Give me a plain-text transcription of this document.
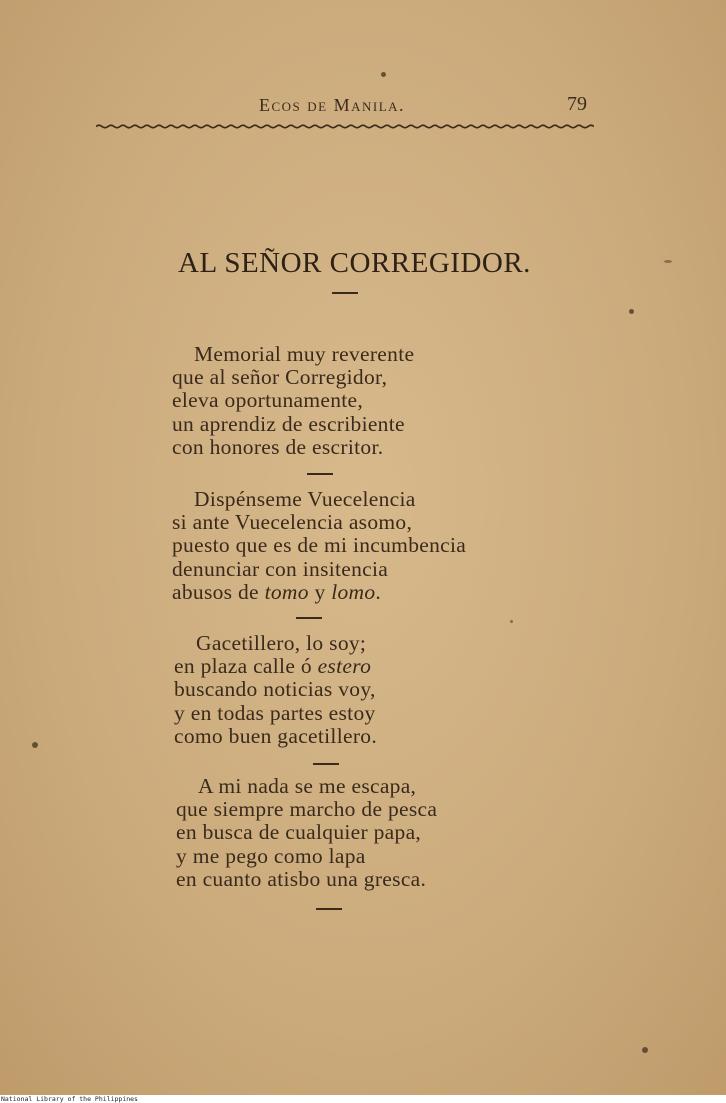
Ecos de Manila.	79
AL SEÑOR CORREGIDOR.
Memorial muy reverente
que al señor Corregidor,
eleva oportunamente,
un aprendiz de escribiente
con honores de escritor.
Dispénseme Vuecelencia
si ante Vuecelencia asomo,
puesto que es de mi incumbencia
denunciar con insitencia
abusos de tomo y lomo.
Gacetillero, lo soy;
en plaza calle ó estero
buscando noticias voy,
y en todas partes estoy
como buen gacetillero.
A mi nada se me escapa,
que siempre marcho de pesca
en busca de cualquier papa,
y me pego como lapa
en cuanto atisbo una gresca.
National Library of the Philippines
